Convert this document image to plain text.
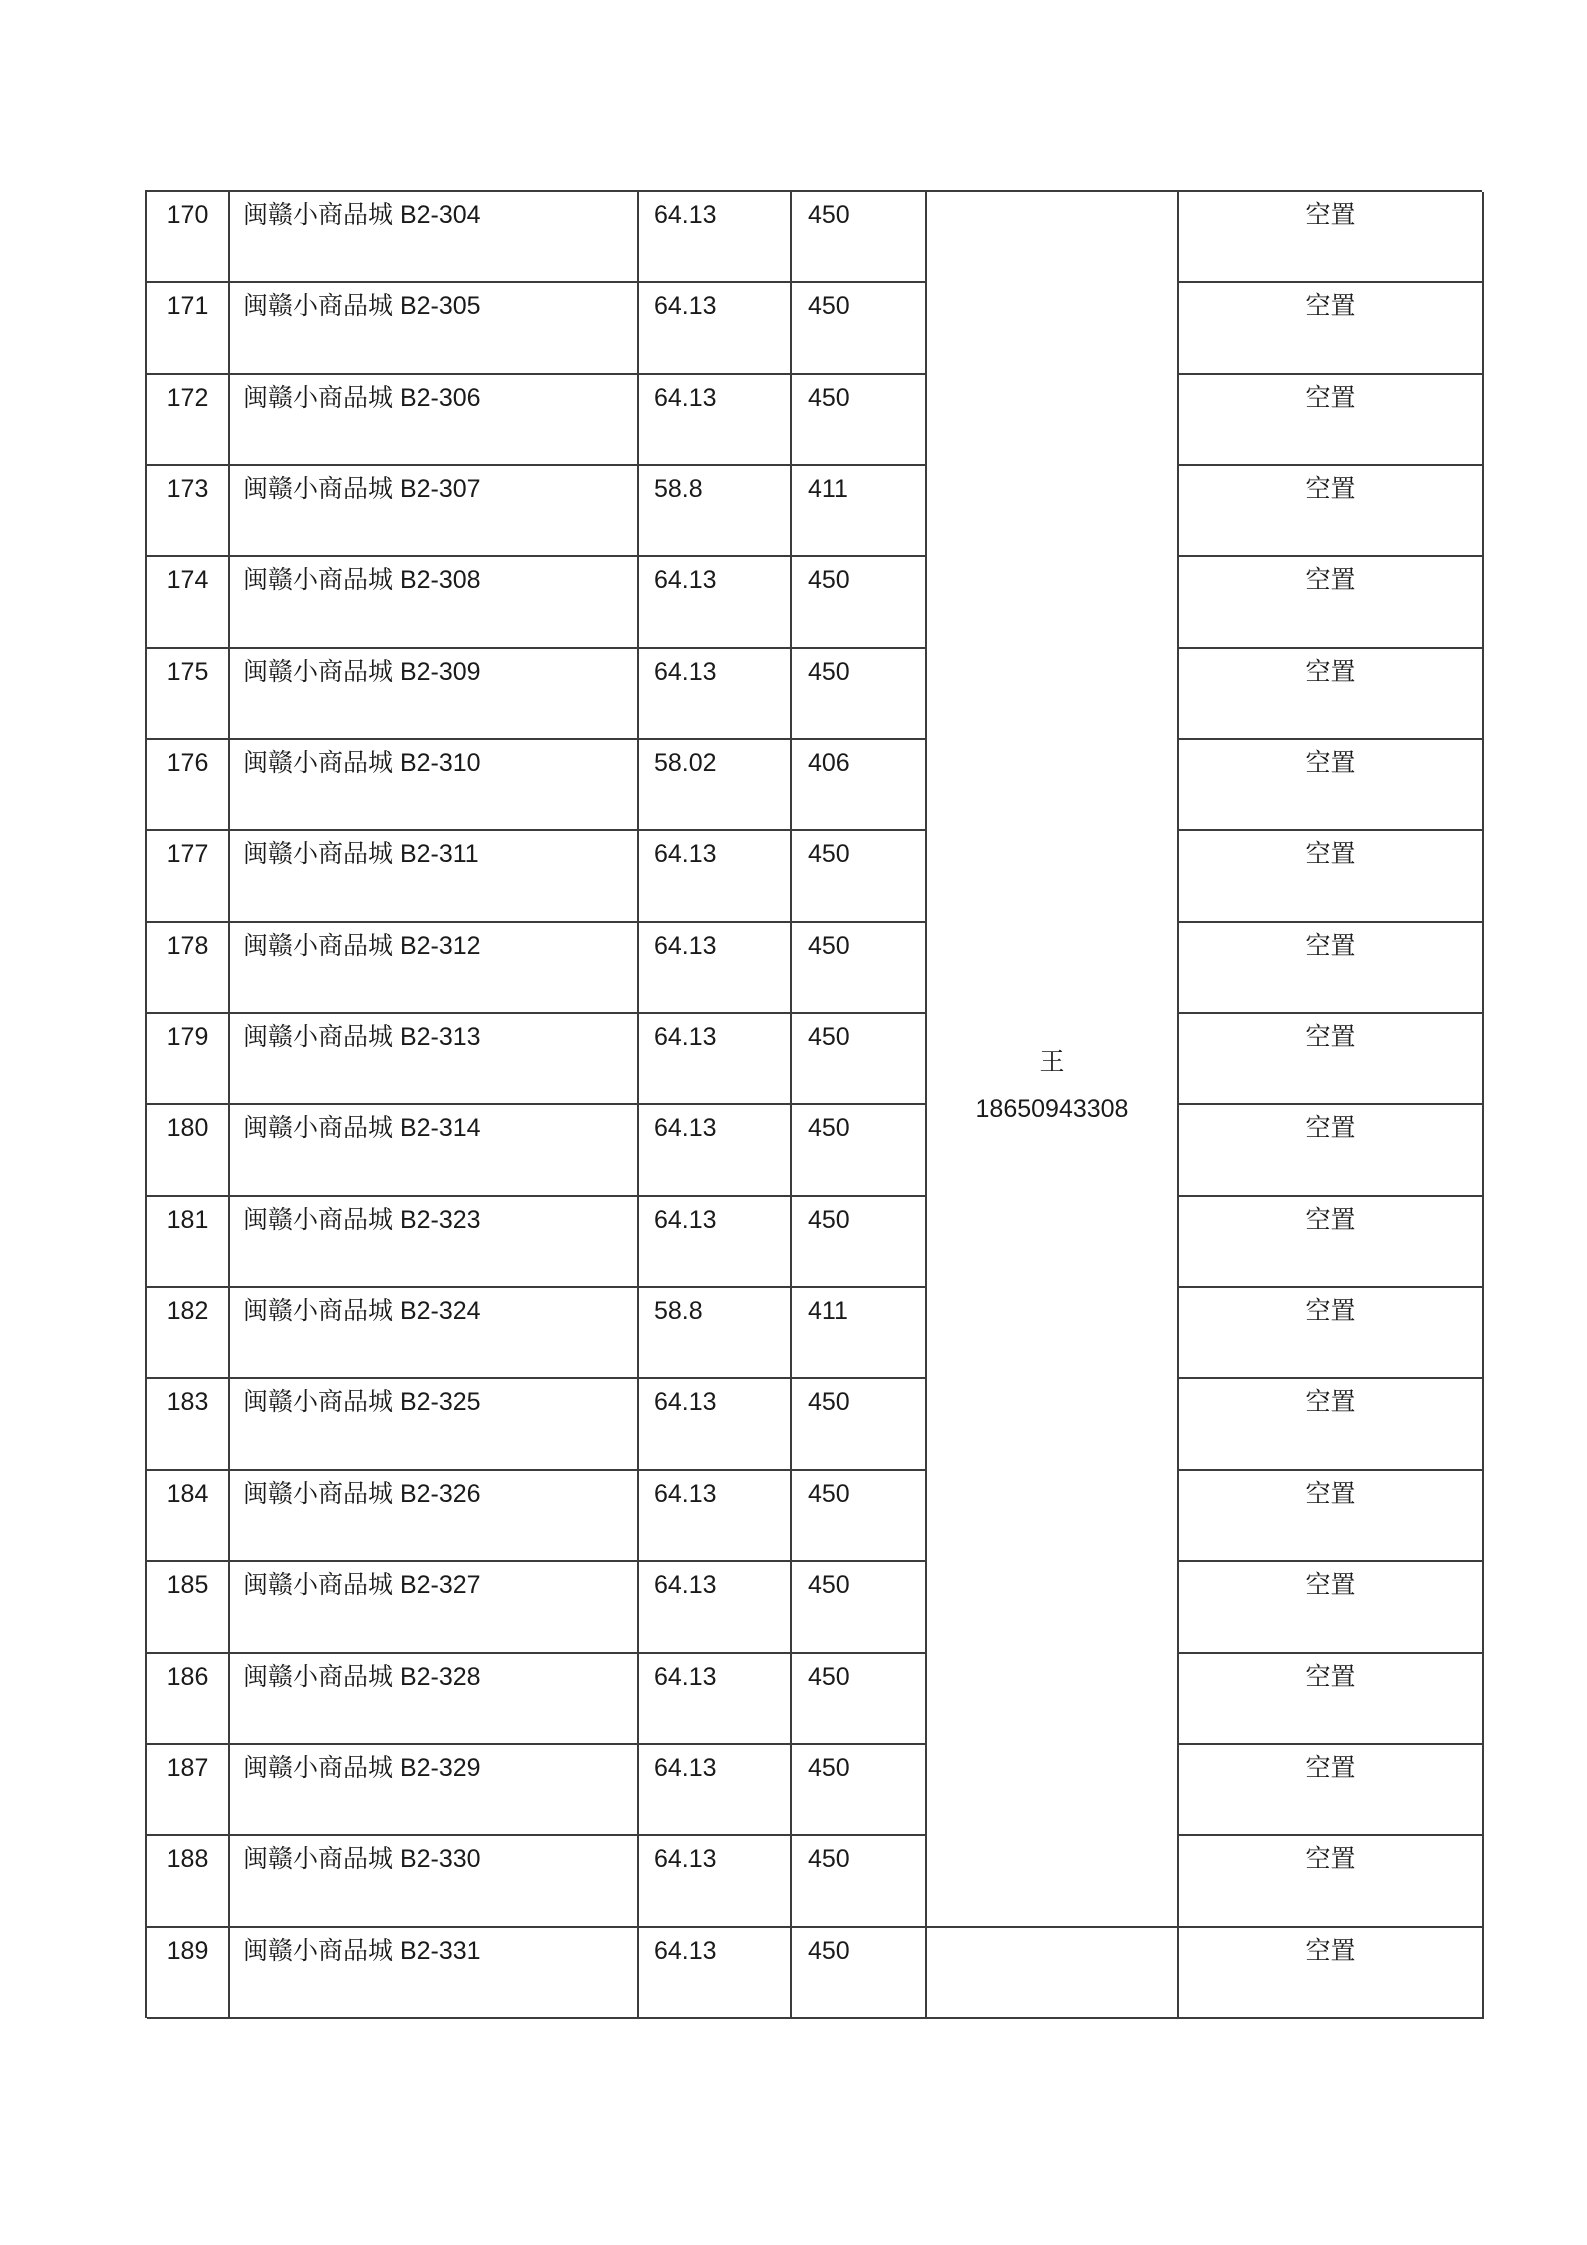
王
18650943308
170	闽赣小商品城 B2-304	64.13	450	空置
171	闽赣小商品城 B2-305	64.13	450	空置
172	闽赣小商品城 B2-306	64.13	450	空置
173	闽赣小商品城 B2-307	58.8	411	空置
174	闽赣小商品城 B2-308	64.13	450	空置
175	闽赣小商品城 B2-309	64.13	450	空置
176	闽赣小商品城 B2-310	58.02	406	空置
177	闽赣小商品城 B2-311	64.13	450	空置
178	闽赣小商品城 B2-312	64.13	450	空置
179	闽赣小商品城 B2-313	64.13	450	空置
180	闽赣小商品城 B2-314	64.13	450	空置
181	闽赣小商品城 B2-323	64.13	450	空置
182	闽赣小商品城 B2-324	58.8	411	空置
183	闽赣小商品城 B2-325	64.13	450	空置
184	闽赣小商品城 B2-326	64.13	450	空置
185	闽赣小商品城 B2-327	64.13	450	空置
186	闽赣小商品城 B2-328	64.13	450	空置
187	闽赣小商品城 B2-329	64.13	450	空置
188	闽赣小商品城 B2-330	64.13	450	空置
189	闽赣小商品城 B2-331	64.13	450	空置
